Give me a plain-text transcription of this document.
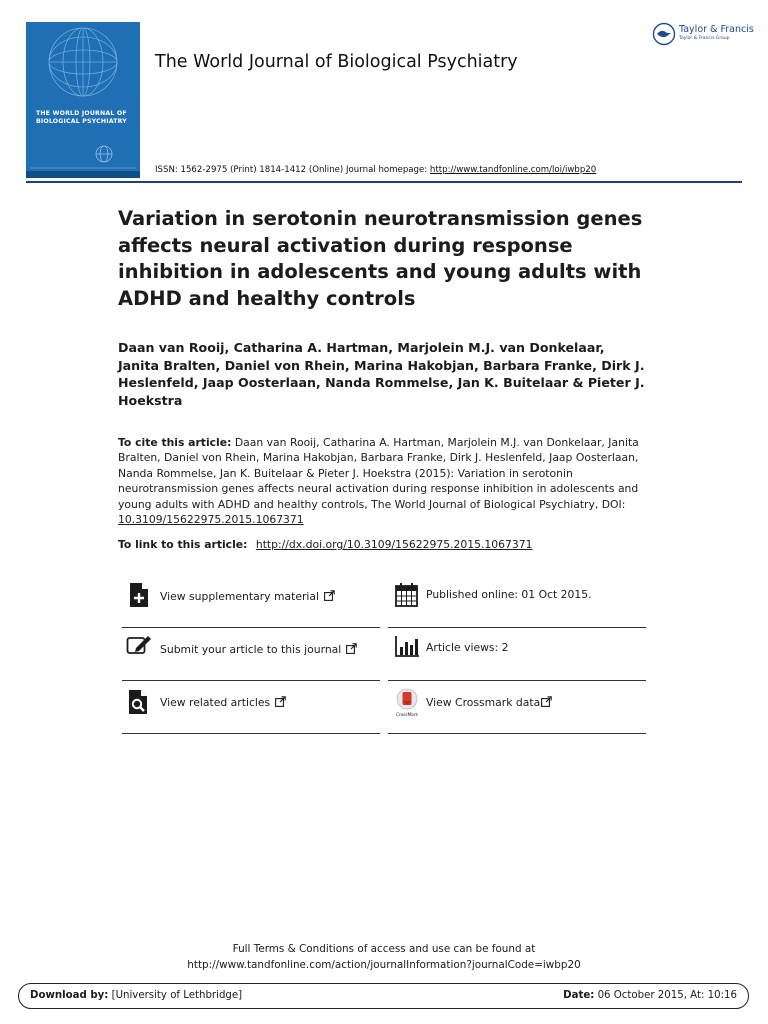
THE WORLD JOURNAL OF
BIOLOGICAL PSYCHIATRY
The World Journal of Biological Psychiatry
Taylor & Francis
Taylor & Francis Group
ISSN: 1562-2975 (Print) 1814-1412 (Online) Journal homepage: http://www.tandfonline.com/loi/iwbp20
Variation in serotonin neurotransmission genes affects neural activation during response inhibition in adolescents and young adults with ADHD and healthy controls
Daan van Rooij, Catharina A. Hartman, Marjolein M.J. van Donkelaar, Janita Bralten, Daniel von Rhein, Marina Hakobjan, Barbara Franke, Dirk J. Heslenfeld, Jaap Oosterlaan, Nanda Rommelse, Jan K. Buitelaar & Pieter J. Hoekstra
To cite this article: Daan van Rooij, Catharina A. Hartman, Marjolein M.J. van Donkelaar, Janita Bralten, Daniel von Rhein, Marina Hakobjan, Barbara Franke, Dirk J. Heslenfeld, Jaap Oosterlaan, Nanda Rommelse, Jan K. Buitelaar & Pieter J. Hoekstra (2015): Variation in serotonin neurotransmission genes affects neural activation during response inhibition in adolescents and young adults with ADHD and healthy controls, The World Journal of Biological Psychiatry, DOI: 10.3109/15622975.2015.1067371
To link to this article: http://dx.doi.org/10.3109/15622975.2015.1067371
View supplementary material
Submit your article to this journal
View related articles
Published online: 01 Oct 2015.
Article views: 2
CrossMark
View Crossmark data
Full Terms & Conditions of access and use can be found at
http://www.tandfonline.com/action/journalInformation?journalCode=iwbp20
Download by: [University of Lethbridge]	Date: 06 October 2015, At: 10:16
